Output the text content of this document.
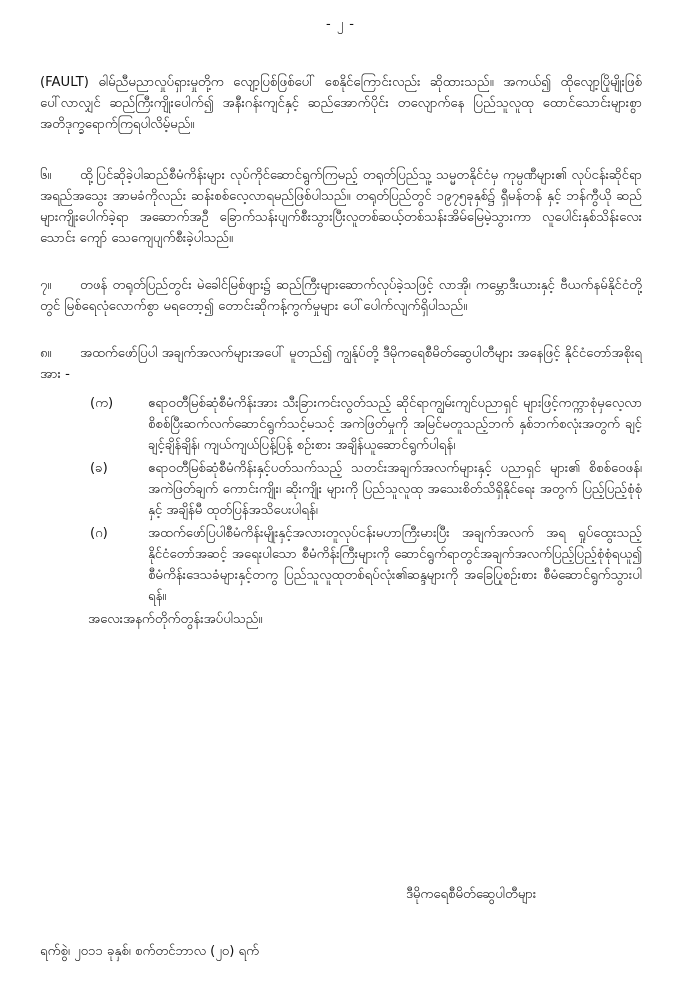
- ၂ -

(FAULT) ဓါမ်ညီမညာလှုပ်ရှားမှုတို့က လျော့ပြစ်ဖြစ်ပေါ် စေနိုင်ကြောင်းလည်း ဆိုထားသည်။ အကယ်၍ ထိုလျော့ပြိုမျိုးဖြစ်ပေါ်လာလျှင် ဆည်ကြီးကျိုးပေါက်၍ အနီးဂန်းကျင်နှင့် ဆည်အောက်ပိုင်း တလျောက်နေ ပြည်သူလူထု ထောင်သောင်းများစွာ အတိဒုက္ခရောက်ကြရပါလိမ့်မည်။

၆။ ထို့ပြင်ဆိုခဲ့ပါဆည်စီမံကိန်းများ လုပ်ကိုင်ဆောင်ရွက်ကြမည့် တရုတ်ပြည်သူ့ သမ္မတနိုင်ငံမှ ကုမ္ပဏီများ၏ လုပ်ငန်းဆိုင်ရာ အရည်အသွေး အာမခံကိုလည်း ဆန်းစစ်လေ့လာရမည်ဖြစ်ပါသည်။ တရုတ်ပြည်တွင် ၁၉၇၅ခုနှစ်၌ ရှီမန်တန် နှင့် ဘန်ကွီယို ဆည်များကျိုးပေါက်ခဲ့ရာ အဆောက်အဦ ခြောက်သန်းပျက်စီးသွားပြီးလူတစ်ဆယ့်တစ်သန်းအိမ်မြေမဲ့သွားကာ လူပေါင်းနှစ်သိန်းလေးသောင်း ကျော် သေကျေပျက်စီးခဲ့ပါသည်။

၇။ တဖန် တရုတ်ပြည်တွင်း မဲခေါင်မြစ်ဖျား၌ ဆည်ကြီးများဆောက်လုပ်ခဲ့သဖြင့် လာအို၊ ကမ္ဘောဒီးယားနှင့် ဗီယက်နမ်နိုင်ငံတို့တွင် မြစ်ရေလုံလောက်စွာ မရတော့၍ တောင်းဆိုကန့်ကွက်မှုများ ပေါ်ပေါက်လျက်ရှိပါသည်။

၈။ အထက်ဖော်ပြပါ အချက်အလက်များအပေါ် မူတည်၍ ကျွန်ုပ်တို့ ဒီမိုကရေစီမိတ်ဆွေပါတီများ အနေဖြင့် နိုင်ငံတော်အစိုးရအား -
(က)	ဧရာဝတီမြစ်ဆုံစီမံကိန်းအား သီးခြားကင်းလွတ်သည့် ဆိုင်ရာကျွမ်းကျင်ပညာရှင် များဖြင့်ကက္ကာစုံမှလေ့လာစိစစ်ပြီးဆက်လက်ဆောင်ရွက်သင့်မသင့် အကဲဖြတ်မှုကို အမြင်မတူသည့်ဘက် နှစ်ဘက်စလုံးအတွက် ချင့်ချင့်ချိန်ချိန်၊ ကျယ်ကျယ်ပြန့်ပြန့် စဉ်းစား အချိန်ယူဆောင်ရွက်ပါရန်၊
(ခ)	ဧရာဝတီမြစ်ဆုံစီမံကိန်းနှင့်ပတ်သက်သည့် သတင်းအချက်အလက်များနှင့် ပညာရှင် များ၏ စိစစ်ဝေဖန်၊ အကဲဖြတ်ချက် ကောင်းကျိုး၊ ဆိုးကျိုး များကို ပြည်သူလူထု အသေးစိတ်သိရှိနိုင်ရေး အတွက် ပြည့်ပြည့်စုံစုံနှင့် အချိန်မီ ထုတ်ပြန်အသိပေးပါရန်၊
(ဂ)	အထက်ဖော်ပြပါစီမံကိန်းမျိုးနှင့်အလားတူလုပ်ငန်းမဟာကြီးမားပြီး အချက်အလက် အရ ရှုပ်ထွေးသည့် နိုင်ငံတော်အဆင့် အရေးပါသော စီမံကိန်းကြီးများကို ဆောင်ရွက်ရာတွင်အချက်အလက်ပြည့်ပြည့်စုံစုံရယူ၍ စီမံကိန်းဒေသခံများနှင့်တကွ ပြည်သူလူထုတစ်ရပ်လုံး၏ဆန္ဒများကို အခြေပြုစဉ်းစား စီမံဆောင်ရွက်သွားပါရန်။
အလေးအနက်တိုက်တွန်းအပ်ပါသည်။
ဒီမိုကရေစီမိတ်ဆွေပါတီများ
ရက်စွဲ၊ ၂၀၁၁ ခုနှစ်၊ စက်တင်ဘာလ (၂၀) ရက်
